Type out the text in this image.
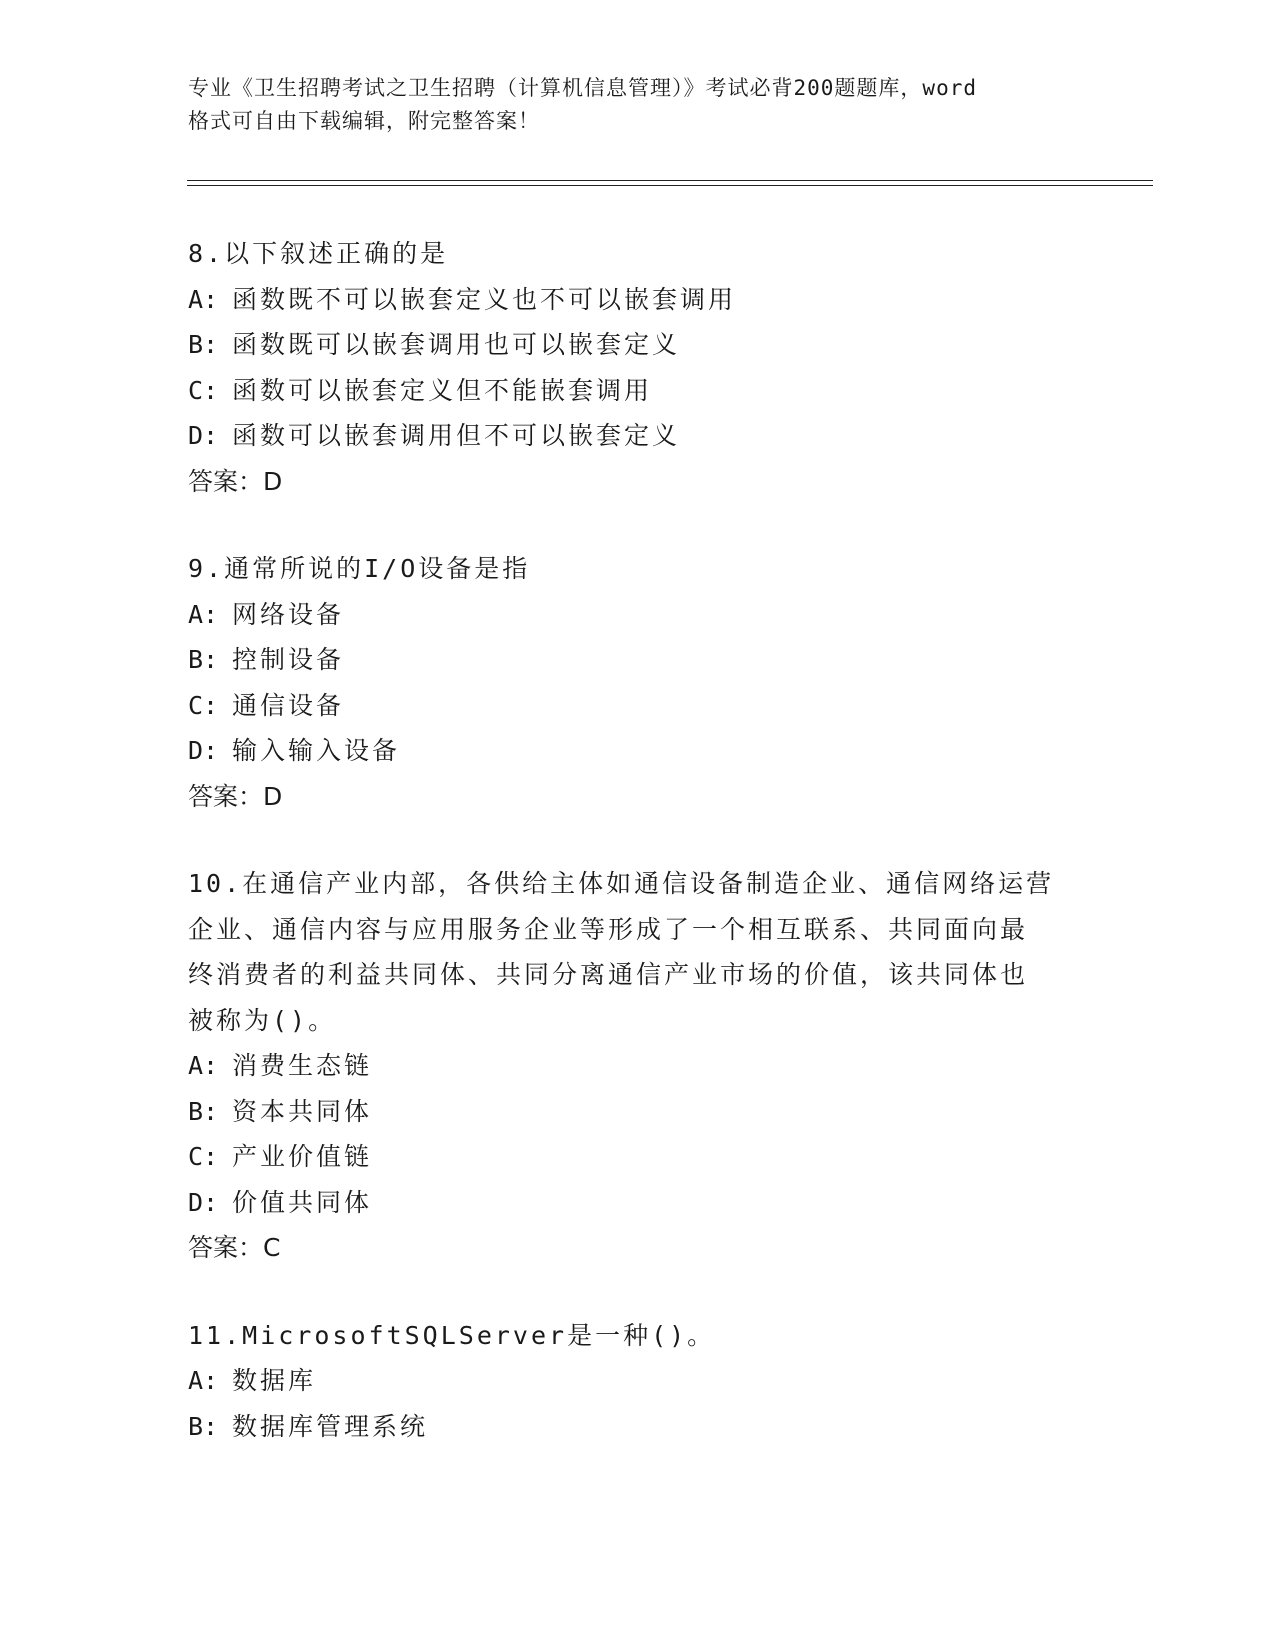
专业《卫生招聘考试之卫生招聘（计算机信息管理）》考试必背200题题库，word
格式可自由下载编辑，附完整答案！
8.以下叙述正确的是
A: 函数既不可以嵌套定义也不可以嵌套调用
B: 函数既可以嵌套调用也可以嵌套定义
C: 函数可以嵌套定义但不能嵌套调用
D: 函数可以嵌套调用但不可以嵌套定义
答案：D
9.通常所说的I/O设备是指
A: 网络设备
B: 控制设备
C: 通信设备
D: 输入输入设备
答案：D
10.在通信产业内部，各供给主体如通信设备制造企业、通信网络运营
企业、通信内容与应用服务企业等形成了一个相互联系、共同面向最
终消费者的利益共同体、共同分离通信产业市场的价值，该共同体也
被称为()。
A: 消费生态链
B: 资本共同体
C: 产业价值链
D: 价值共同体
答案：C
11.MicrosoftSQLServer是一种()。
A: 数据库
B: 数据库管理系统
